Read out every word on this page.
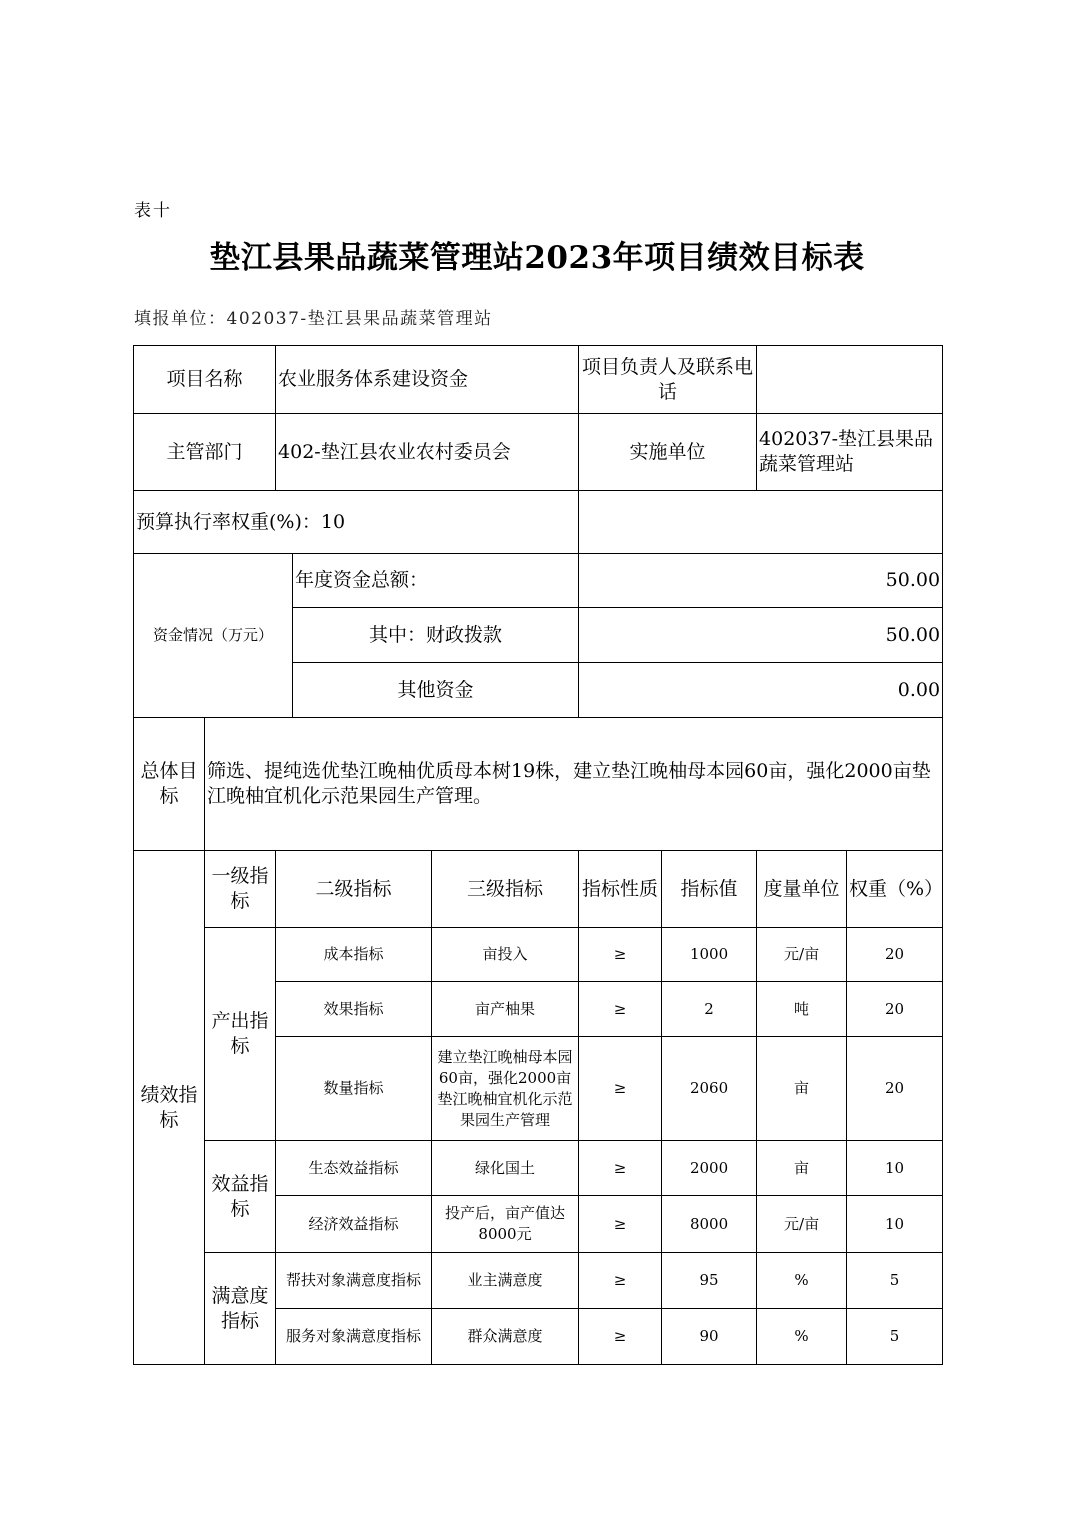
表十
垫江县果品蔬菜管理站2023年项目绩效目标表
填报单位：402037-垫江县果品蔬菜管理站
项目名称		农业服务体系建设资金			项目负责人及联系电话			
主管部门		402-垫江县农业农村委员会			实施单位		402037-垫江县果品蔬菜管理站	
预算执行率权重(%)：10								
资金情况（万元）			年度资金总额：		50.00			
			其中：财政拨款		50.00			
			其他资金		0.00			
总体目标	筛选、提纯选优垫江晚柚优质母本树19株，建立垫江晚柚母本园60亩，强化2000亩垫江晚柚宜机化示范果园生产管理。							
绩效指标	一级指标	二级指标		三级指标	指标性质	指标值	度量单位	权重（%）
	产出指标	成本指标		亩投入	≥	1000	元/亩	20
		效果指标		亩产柚果	≥	2	吨	20
		数量指标		建立垫江晚柚母本园60亩，强化2000亩垫江晚柚宜机化示范果园生产管理	≥	2060	亩	20
	效益指标	生态效益指标		绿化国土	≥	2000	亩	10
		经济效益指标		投产后，亩产值达8000元	≥	8000	元/亩	10
	满意度指标	帮扶对象满意度指标		业主满意度	≥	95	%	5
		服务对象满意度指标		群众满意度	≥	90	%	5
